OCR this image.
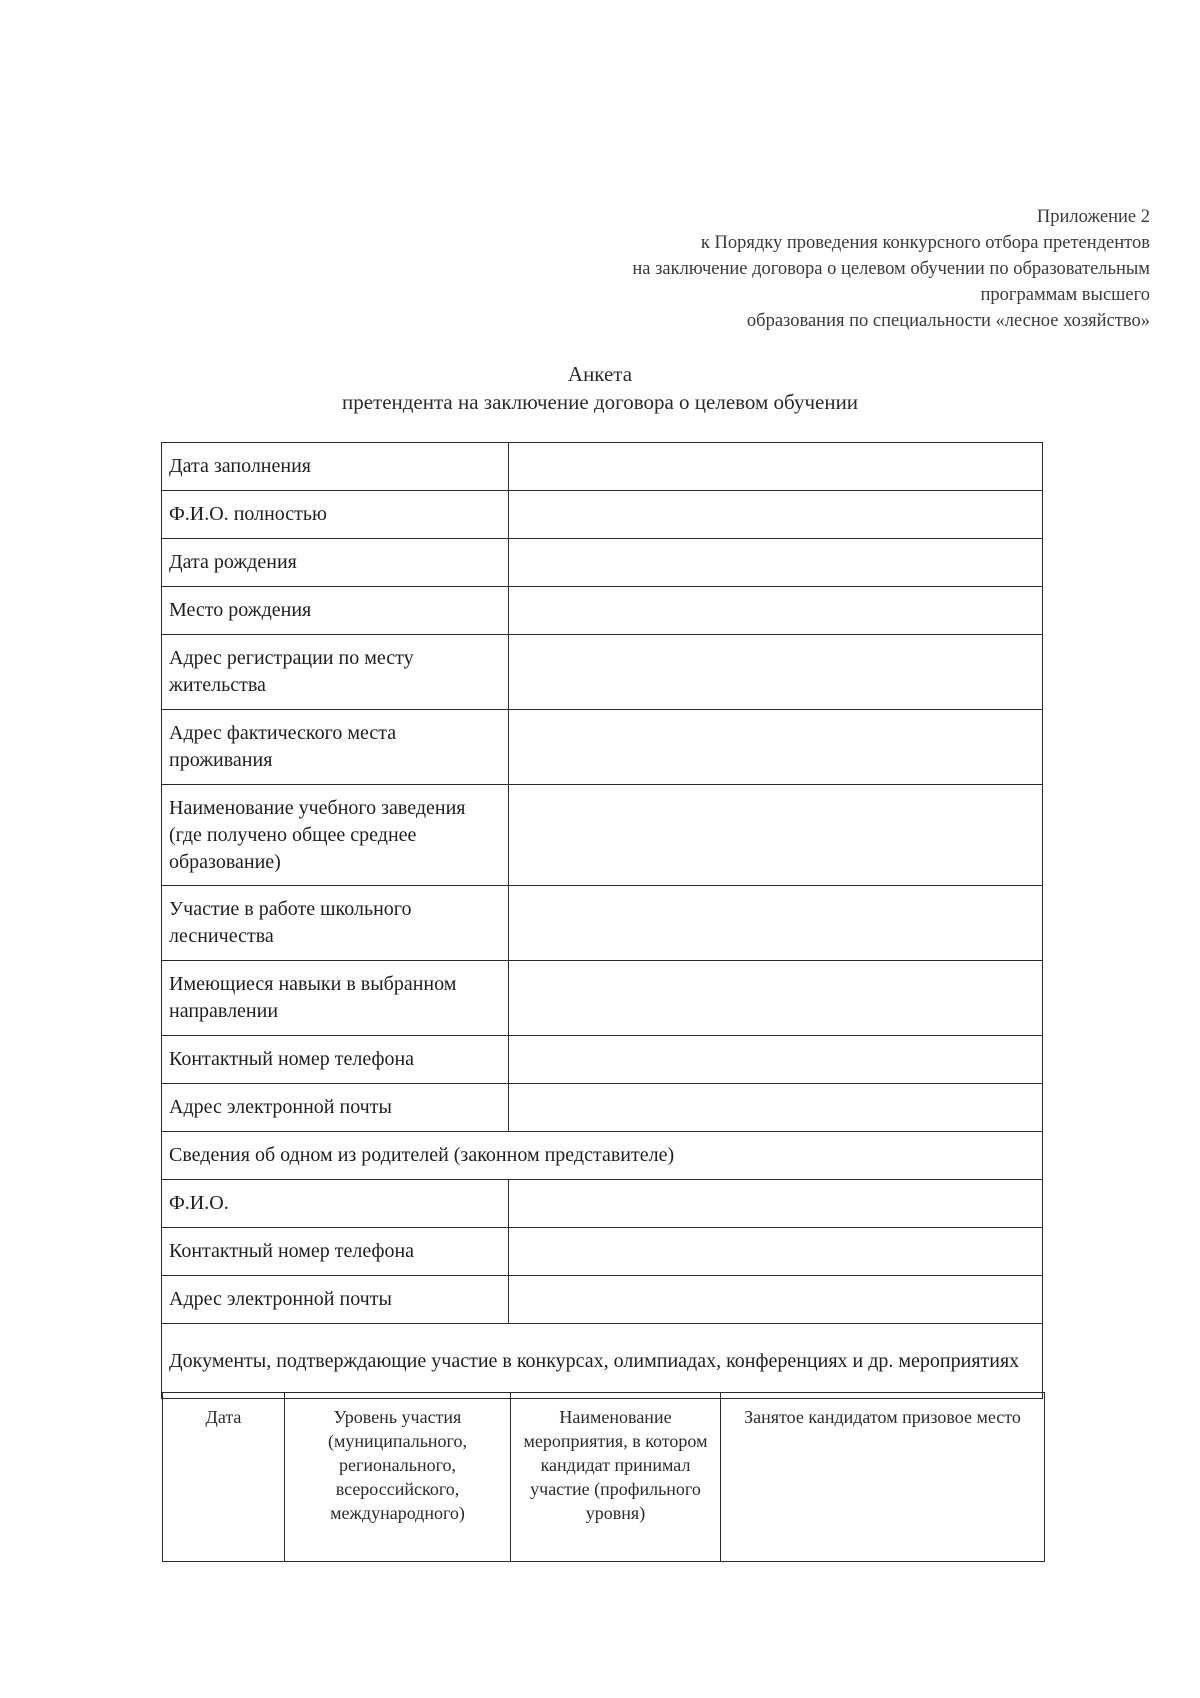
Приложение 2
к Порядку проведения конкурсного отбора претендентов
на заключение договора о целевом обучении по образовательным
программам высшего
образования по специальности «лесное хозяйство»
Анкета
претендента на заключение договора о целевом обучении
Дата заполнения	
Ф.И.О. полностью	
Дата рождения	
Место рождения	
Адрес регистрации по месту жительства	
Адрес фактического места проживания	
Наименование учебного заведения (где получено общее среднее образование)	
Участие в работе школьного лесничества	
Имеющиеся навыки в выбранном направлении	
Контактный номер телефона	
Адрес электронной почты	
Сведения об одном из родителей (законном представителе)	
Ф.И.О.	
Контактный номер телефона	
Адрес электронной почты	
Документы, подтверждающие участие в конкурсах, олимпиадах, конференциях и др. мероприятиях	
Дата	Уровень участия (муниципального, регионального, всероссийского, международного)	Наименование мероприятия, в котором кандидат принимал участие (профильного уровня)	Занятое кандидатом призовое место
